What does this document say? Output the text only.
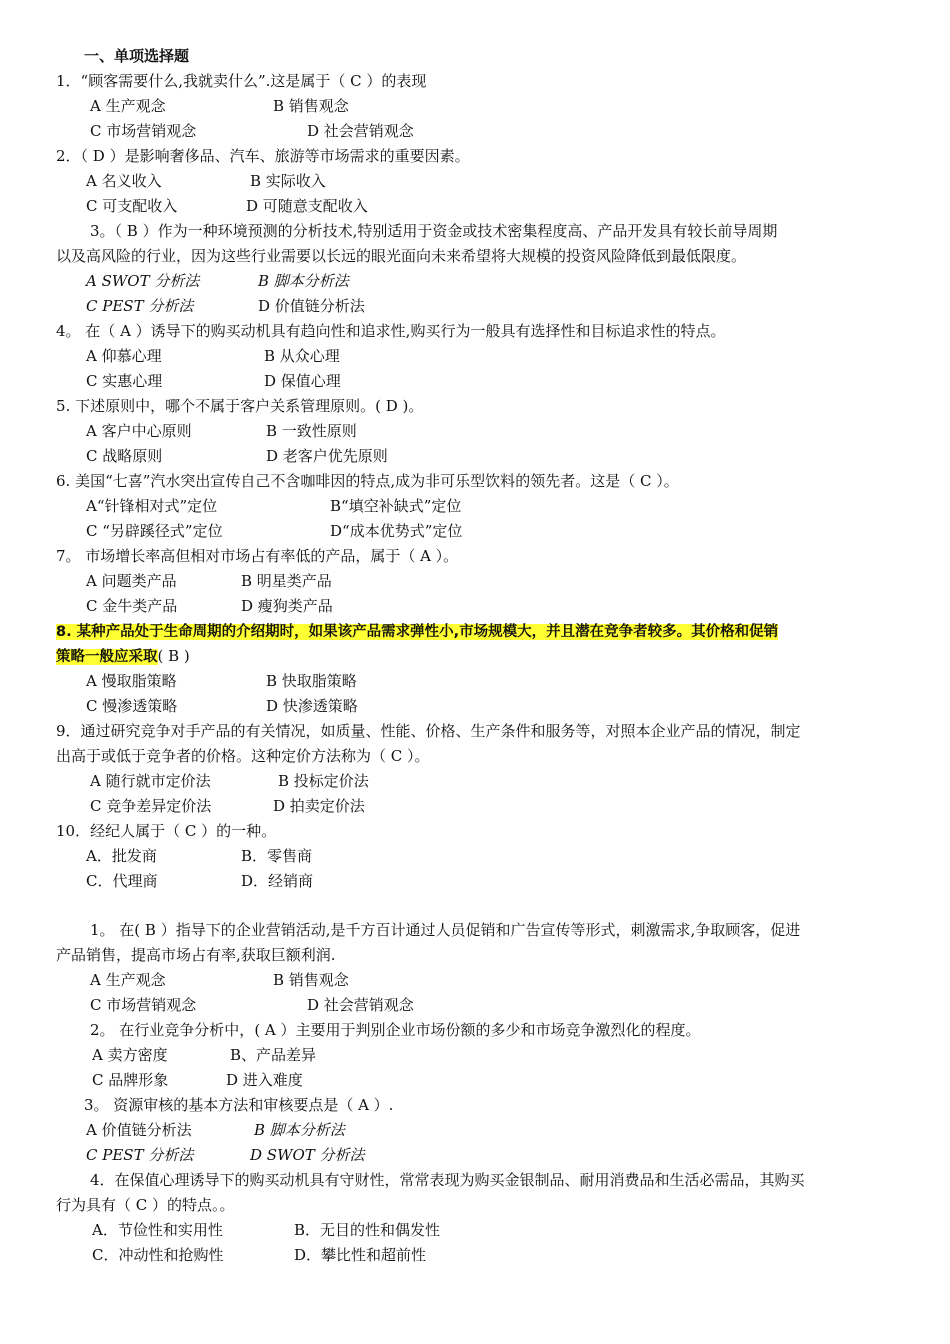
一、单项选择题
1．“顾客需要什么,我就卖什么”.这是属于（ C ）的表现
A 生产观念	B 销售观念
C 市场营销观念	D 社会营销观念
2．（ D ）是影响奢侈品、汽车、旅游等市场需求的重要因素。
A 名义收入	B 实际收入
C 可支配收入	D 可随意支配收入
3。（ B ）作为一种环境预测的分析技术,特别适用于资金或技术密集程度高、产品开发具有较长前导周期
以及高风险的行业，因为这些行业需要以长远的眼光面向未来希望将大规模的投资风险降低到最低限度。
A SWOT 分析法	B 脚本分析法
C PEST 分析法	D 价值链分析法
4。 在（ A ）诱导下的购买动机具有趋向性和追求性,购买行为一般具有选择性和目标追求性的特点。
A 仰慕心理	B 从众心理
C 实惠心理	D 保值心理
5. 下述原则中，哪个不属于客户关系管理原则。( D )。
A 客户中心原则	B 一致性原则
C 战略原则	D 老客户优先原则
6. 美国“七喜”汽水突出宣传自己不含咖啡因的特点,成为非可乐型饮料的领先者。这是（ C ）。
A“针锋相对式”定位	B“填空补缺式”定位
C “另辟蹊径式”定位	D“成本优势式”定位
7。 市场增长率高但相对市场占有率低的产品，属于（ A ）。
A 问题类产品	B 明星类产品
C 金牛类产品	D 瘦狗类产品
8. 某种产品处于生命周期的介绍期时，如果该产品需求弹性小,市场规模大，并且潜在竞争者较多。其价格和促销
策略一般应采取( B )
A 慢取脂策略	B 快取脂策略
C 慢渗透策略	D 快渗透策略
9．通过研究竞争对手产品的有关情况，如质量、性能、价格、生产条件和服务等，对照本企业产品的情况，制定
出高于或低于竞争者的价格。这种定价方法称为（ C ）。
A 随行就市定价法	B 投标定价法
C 竞争差异定价法	D 拍卖定价法
10．经纪人属于（ C ）的一种。
A．批发商	B．零售商
C．代理商	D．经销商
1。 在( B ）指导下的企业营销活动,是千方百计通过人员促销和广告宣传等形式，刺激需求,争取顾客，促进
产品销售，提高市场占有率,获取巨额利润.
A 生产观念	B 销售观念
C 市场营销观念	D 社会营销观念
2。 在行业竞争分析中，( A ）主要用于判别企业市场份额的多少和市场竞争激烈化的程度。
A 卖方密度	B、产品差异
C 品牌形象	D 进入难度
3。 资源审核的基本方法和审核要点是（ A ）.
A 价值链分析法	B 脚本分析法
C PEST 分析法	D SWOT 分析法
4．在保值心理诱导下的购买动机具有守财性，常常表现为购买金银制品、耐用消费品和生活必需品，其购买
行为具有（ C ）的特点。。
A．节俭性和实用性	B．无目的性和偶发性
C．冲动性和抢购性	D．攀比性和超前性
